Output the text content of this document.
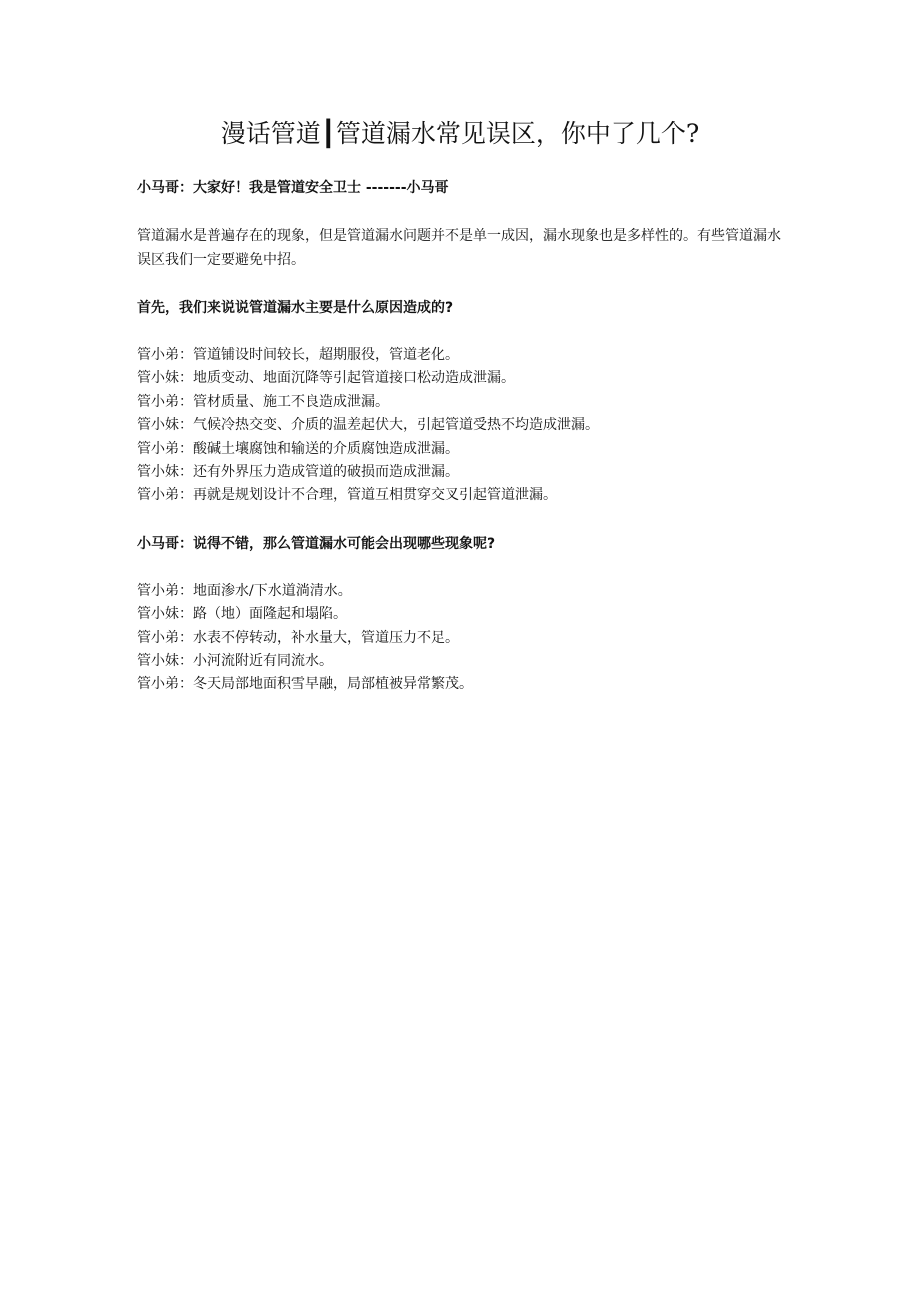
漫话管道┃管道漏水常见误区，你中了几个?

小马哥：大家好！我是管道安全卫士 -------小马哥

管道漏水是普遍存在的现象，但是管道漏水问题并不是单一成因，漏水现象也是多样性的。有些管道漏水误区我们一定要避免中招。

首先，我们来说说管道漏水主要是什么原因造成的?

管小弟：管道铺设时间较长，超期服役，管道老化。

管小妹：地质变动、地面沉降等引起管道接口松动造成泄漏。

管小弟：管材质量、施工不良造成泄漏。

管小妹：气候冷热交变、介质的温差起伏大，引起管道受热不均造成泄漏。

管小弟：酸碱土壤腐蚀和输送的介质腐蚀造成泄漏。

管小妹：还有外界压力造成管道的破损而造成泄漏。

管小弟：再就是规划设计不合理，管道互相贯穿交叉引起管道泄漏。

小马哥：说得不错，那么管道漏水可能会出现哪些现象呢?

管小弟：地面渗水/下水道淌清水。

管小妹：路（地）面隆起和塌陷。

管小弟：水表不停转动，补水量大，管道压力不足。

管小妹：小河流附近有同流水。

管小弟：冬天局部地面积雪早融，局部植被异常繁茂。
